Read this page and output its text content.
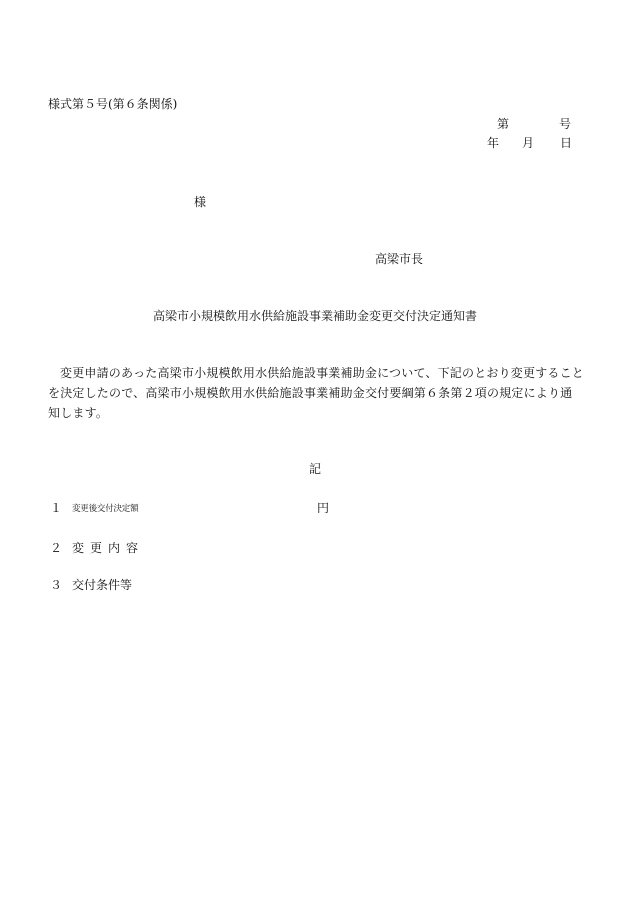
様式第５号(第６条関係)
第	号
年 月 日
様
高梁市長
高梁市小規模飲用水供給施設事業補助金変更交付決定通知書
変更申請のあった高梁市小規模飲用水供給施設事業補助金について、下記のとおり変更することを決定したので、高梁市小規模飲用水供給施設事業補助金交付要綱第６条第２項の規定により通知します。
記
１ 変更後交付決定額	円
２ 変更内容
３ 交付条件等
